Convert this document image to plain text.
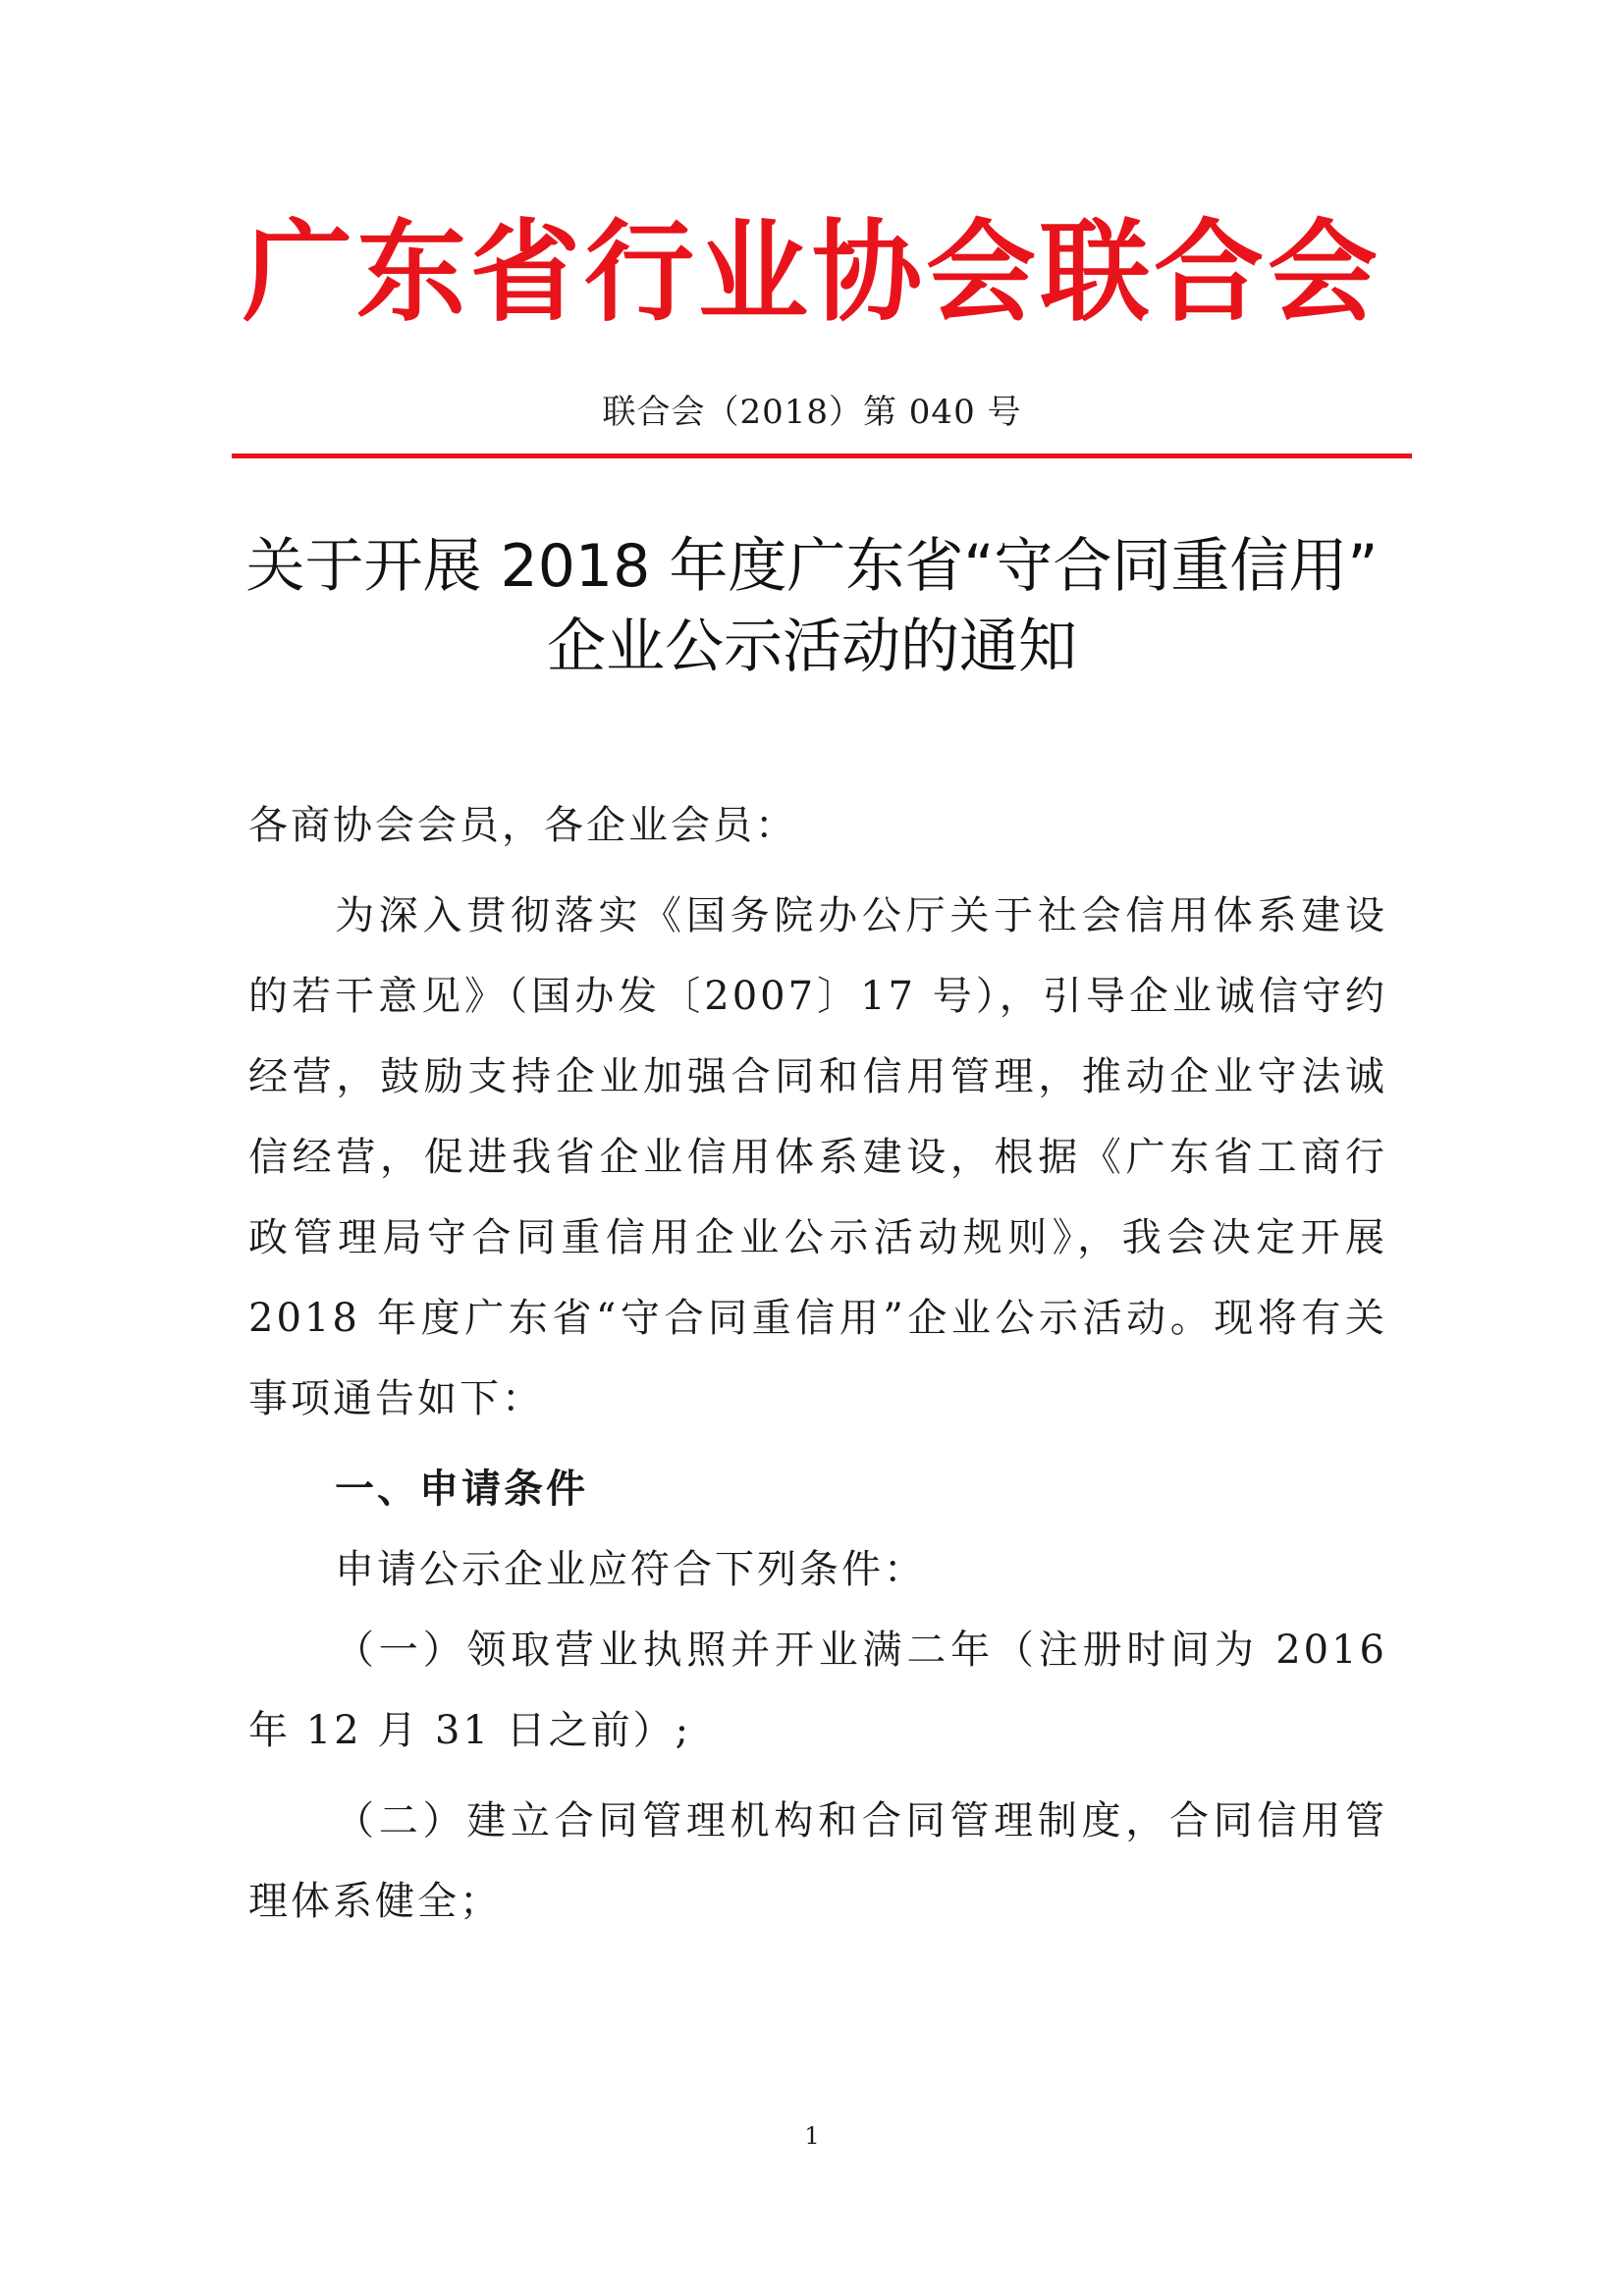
广东省行业协会联合会
联合会（2018）第 040 号
关于开展 2018 年度广东省“守合同重信用”
企业公示活动的通知

各商协会会员，各企业会员：

为深入贯彻落实《国务院办公厅关于社会信用体系建设的若干意见》（国办发〔2007〕17 号），引导企业诚信守约经营，鼓励支持企业加强合同和信用管理，推动企业守法诚信经营，促进我省企业信用体系建设，根据《广东省工商行政管理局守合同重信用企业公示活动规则》，我会决定开展 2018 年度广东省“守合同重信用”企业公示活动。现将有关事项通告如下：

一、申请条件

申请公示企业应符合下列条件：

（一）领取营业执照并开业满二年（注册时间为 2016 年 12 月 31 日之前）;

（二）建立合同管理机构和合同管理制度，合同信用管理体系健全；

1
